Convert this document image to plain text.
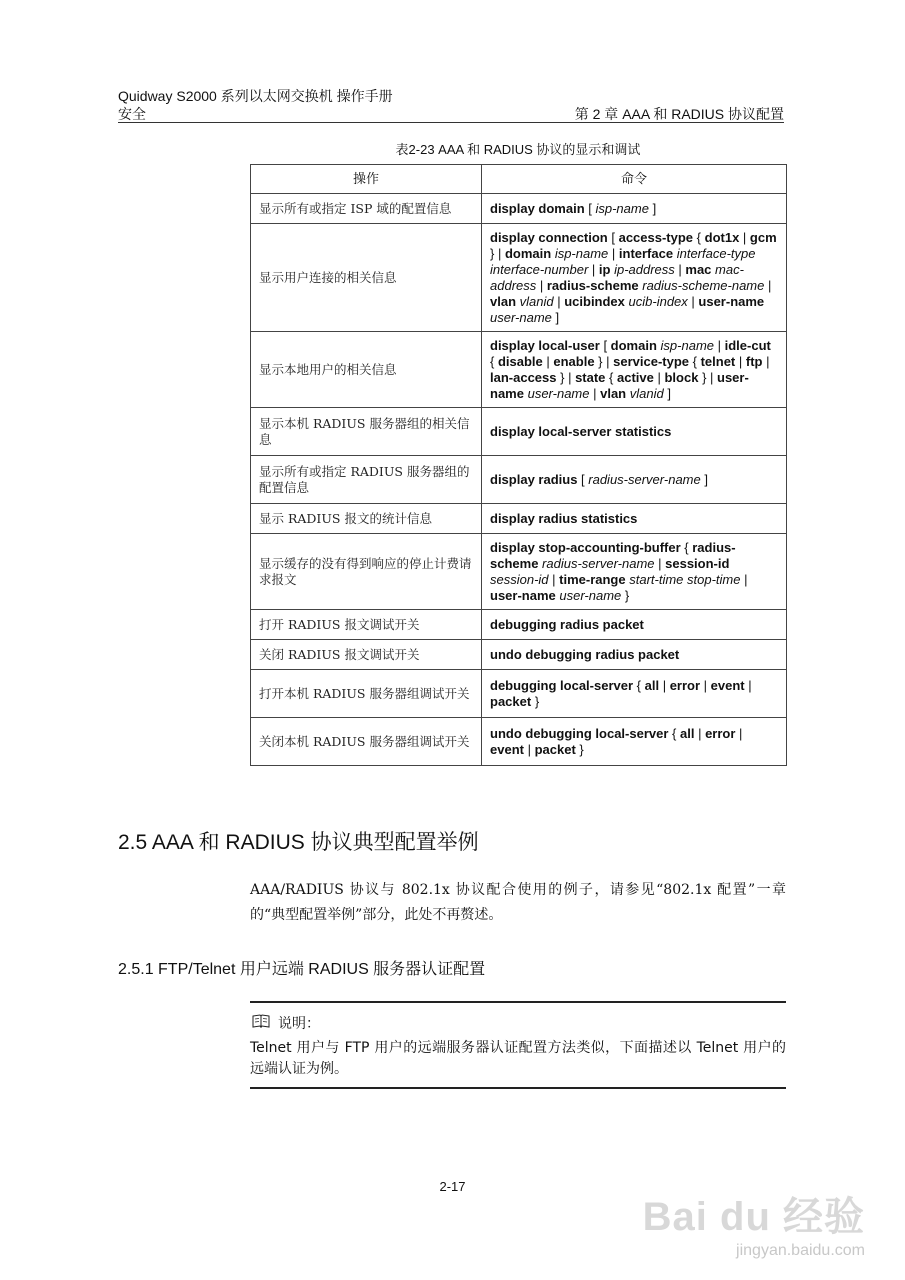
Quidway S2000 系列以太网交换机 操作手册
安全	第 2 章 AAA 和 RADIUS 协议配置
表2-23 AAA 和 RADIUS 协议的显示和调试
操作	命令
显示所有或指定 ISP 域的配置信息	display domain [ isp-name ]
显示用户连接的相关信息	display connection [ access-type { dot1x | gcm } | domain isp-name | interface interface-type interface-number | ip ip-address | mac mac-address | radius-scheme radius-scheme-name | vlan vlanid | ucibindex ucib-index | user-name user-name ]
显示本地用户的相关信息	display local-user [ domain isp-name | idle-cut { disable | enable } | service-type { telnet | ftp | lan-access } | state { active | block } | user-name user-name | vlan vlanid ]
显示本机 RADIUS 服务器组的相关信息	display local-server statistics
显示所有或指定 RADIUS 服务器组的配置信息	display radius [ radius-server-name ]
显示 RADIUS 报文的统计信息	display radius statistics
显示缓存的没有得到响应的停止计费请求报文	display stop-accounting-buffer { radius-scheme radius-server-name | session-id session-id | time-range start-time stop-time | user-name user-name }
打开 RADIUS 报文调试开关	debugging radius packet
关闭 RADIUS 报文调试开关	undo debugging radius packet
打开本机 RADIUS 服务器组调试开关	debugging local-server { all | error | event | packet }
关闭本机 RADIUS 服务器组调试开关	undo debugging local-server { all | error | event | packet }
2.5 AAA 和 RADIUS 协议典型配置举例
AAA/RADIUS 协议与 802.1x 协议配合使用的例子，请参见“802.1x 配置”一章的“典型配置举例”部分，此处不再赘述。
2.5.1 FTP/Telnet 用户远端 RADIUS 服务器认证配置
说明：
Telnet 用户与 FTP 用户的远端服务器认证配置方法类似，下面描述以 Telnet 用户的远端认证为例。
2-17
Bai du 经验
jingyan.baidu.com
